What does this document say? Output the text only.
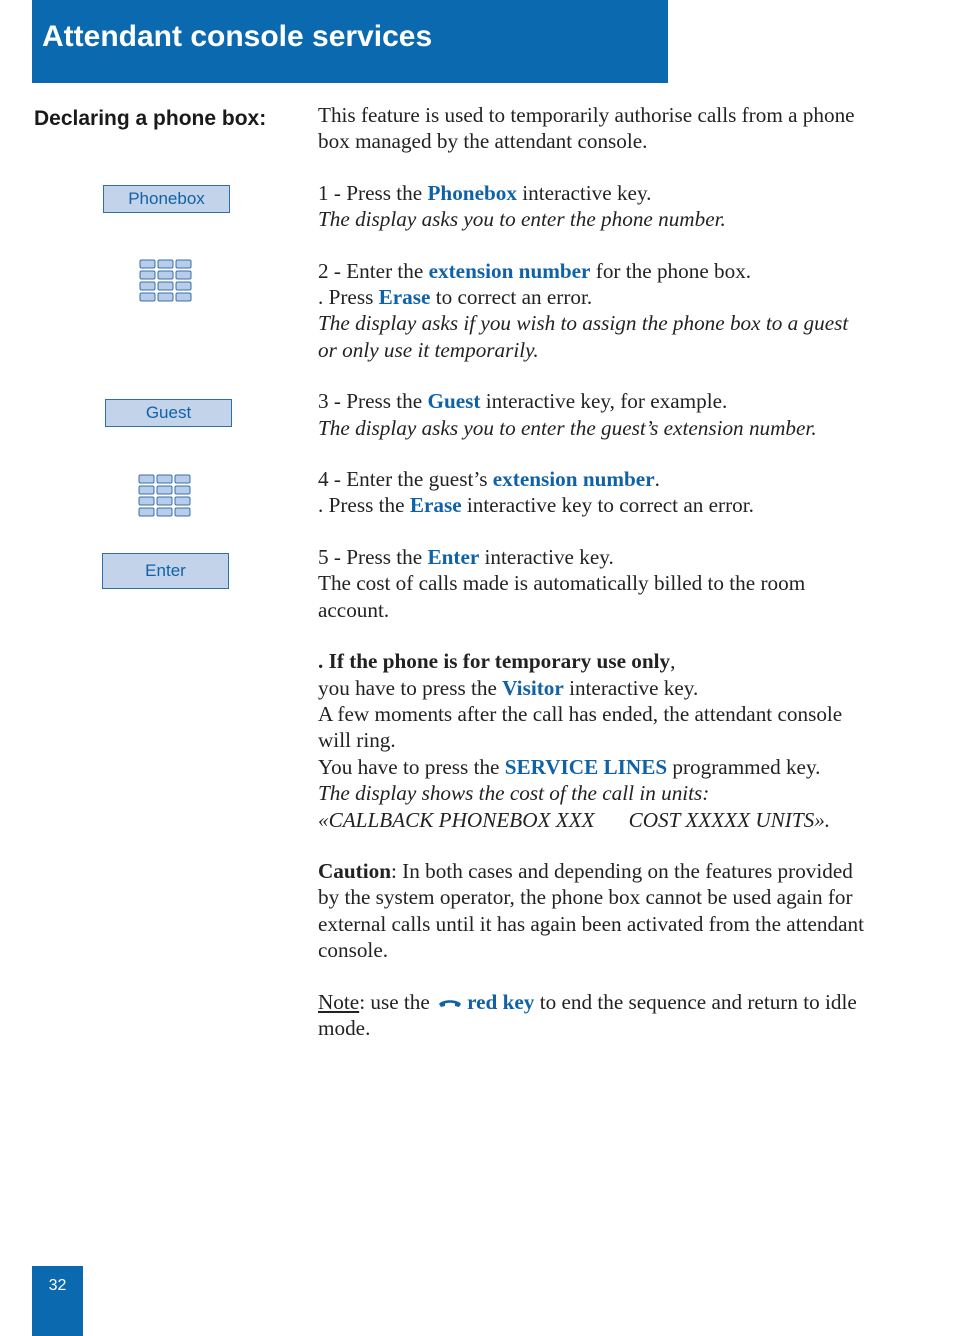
Attendant console services
Declaring a phone box:
Phonebox
Guest
Enter

This feature is used to temporarily authorise calls from a phone

box managed by the attendant console.

1 - Press the Phonebox interactive key.

The display asks you to enter the phone number.

2 - Enter the extension number for the phone box.

. Press Erase to correct an error.

The display asks if you wish to assign the phone box to a guest

or only use it temporarily.

3 - Press the Guest interactive key, for example.

The display asks you to enter the guest’s extension number.

4 - Enter the guest’s extension number.

. Press the Erase interactive key to correct an error.

5 - Press the Enter interactive key.

The cost of calls made is automatically billed to the room

account.

. If the phone is for temporary use only,

you have to press the Visitor interactive key.

A few moments after the call has ended, the attendant console

will ring.

You have to press the SERVICE LINES programmed key.

The display shows the cost of the call in units:

«CALLBACK PHONEBOX XXX COST XXXXX UNITS».

Caution: In both cases and depending on the features provided

by the system operator, the phone box cannot be used again for

external calls until it has again been activated from the attendant

console.

Note: use the red key to end the sequence and return to idle

mode.

32
